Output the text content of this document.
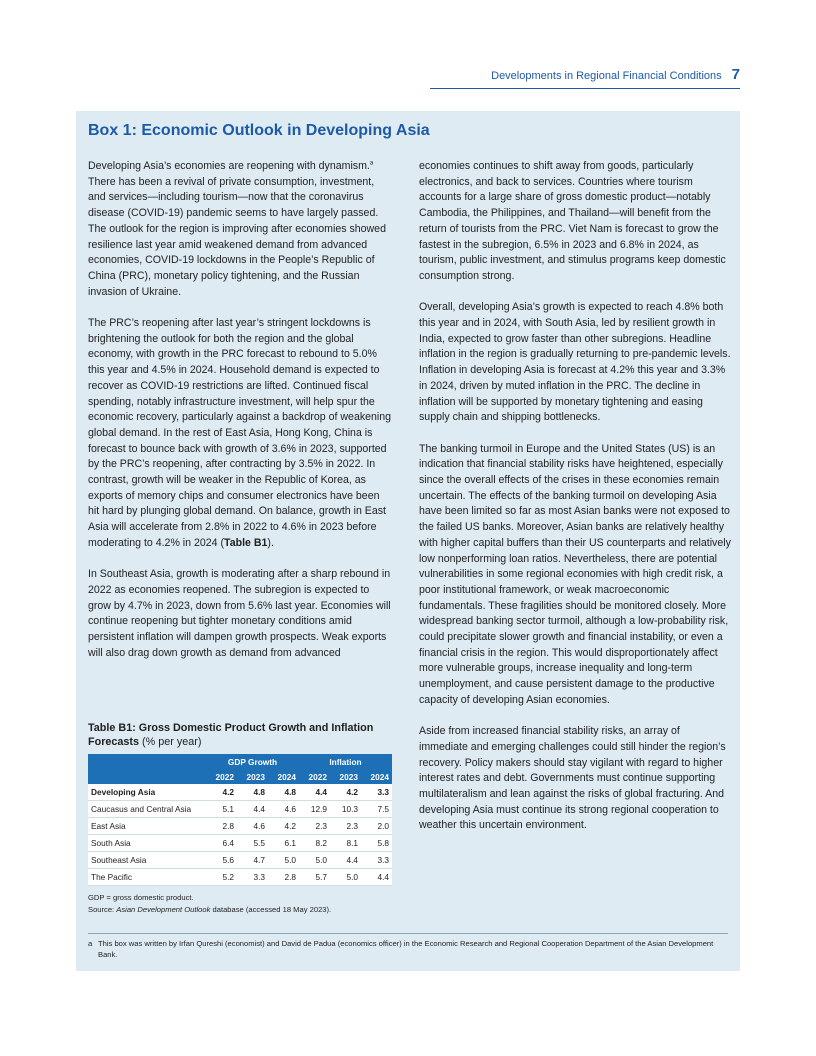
Developments in Regional Financial Conditions 7
Box 1: Economic Outlook in Developing Asia

Developing Asia’s economies are reopening with dynamism.$^a$ There has been a revival of private consumption, investment, and services—including tourism—now that the coronavirus disease (COVID-19) pandemic seems to have largely passed. The outlook for the region is improving after economies showed resilience last year amid weakened demand from advanced economies, COVID-19 lockdowns in the People’s Republic of China (PRC), monetary policy tightening, and the Russian invasion of Ukraine.

The PRC’s reopening after last year’s stringent lockdowns is brightening the outlook for both the region and the global economy, with growth in the PRC forecast to rebound to 5.0% this year and 4.5% in 2024. Household demand is expected to recover as COVID-19 restrictions are lifted. Continued fiscal spending, notably infrastructure investment, will help spur the economic recovery, particularly against a backdrop of weakening global demand. In the rest of East Asia, Hong Kong, China is forecast to bounce back with growth of 3.6% in 2023, supported by the PRC’s reopening, after contracting by 3.5% in 2022. In contrast, growth will be weaker in the Republic of Korea, as exports of memory chips and consumer electronics have been hit hard by plunging global demand. On balance, growth in East Asia will accelerate from 2.8% in 2022 to 4.6% in 2023 before moderating to 4.2% in 2024 (Table B1).

In Southeast Asia, growth is moderating after a sharp rebound in 2022 as economies reopened. The subregion is expected to grow by 4.7% in 2023, down from 5.6% last year. Economies will continue reopening but tighter monetary conditions amid persistent inflation will dampen growth prospects. Weak exports will also drag down growth as demand from advanced

Table B1: Gross Domestic Product Growth and Inflation Forecasts (% per year)
	GDP Growth			Inflation		
	2022	2023	2024	2022	2023	2024
Developing Asia	4.2	4.8	4.8	4.4	4.2	3.3
Caucasus and Central Asia	5.1	4.4	4.6	12.9	10.3	7.5
East Asia	2.8	4.6	4.2	2.3	2.3	2.0
South Asia	6.4	5.5	6.1	8.2	8.1	5.8
Southeast Asia	5.6	4.7	5.0	5.0	4.4	3.3
The Pacific	5.2	3.3	2.8	5.7	5.0	4.4
GDP = gross domestic product.
Source: Asian Development Outlook database (accessed 18 May 2023).

economies continues to shift away from goods, particularly electronics, and back to services. Countries where tourism accounts for a large share of gross domestic product—notably Cambodia, the Philippines, and Thailand—will benefit from the return of tourists from the PRC. Viet Nam is forecast to grow the fastest in the subregion, 6.5% in 2023 and 6.8% in 2024, as tourism, public investment, and stimulus programs keep domestic consumption strong.

Overall, developing Asia’s growth is expected to reach 4.8% both this year and in 2024, with South Asia, led by resilient growth in India, expected to grow faster than other subregions. Headline inflation in the region is gradually returning to pre-pandemic levels. Inflation in developing Asia is forecast at 4.2% this year and 3.3% in 2024, driven by muted inflation in the PRC. The decline in inflation will be supported by monetary tightening and easing supply chain and shipping bottlenecks.

The banking turmoil in Europe and the United States (US) is an indication that financial stability risks have heightened, especially since the overall effects of the crises in these economies remain uncertain. The effects of the banking turmoil on developing Asia have been limited so far as most Asian banks were not exposed to the failed US banks. Moreover, Asian banks are relatively healthy with higher capital buffers than their US counterparts and relatively low nonperforming loan ratios. Nevertheless, there are potential vulnerabilities in some regional economies with high credit risk, a poor institutional framework, or weak macroeconomic fundamentals. These fragilities should be monitored closely. More widespread banking sector turmoil, although a low-probability risk, could precipitate slower growth and financial instability, or even a financial crisis in the region. This would disproportionately affect more vulnerable groups, increase inequality and long-term unemployment, and cause persistent damage to the productive capacity of developing Asian economies.

Aside from increased financial stability risks, an array of immediate and emerging challenges could still hinder the region’s recovery. Policy makers should stay vigilant with regard to higher interest rates and debt. Governments must continue supporting multilateralism and lean against the risks of global fracturing. And developing Asia must continue its strong regional cooperation to weather this uncertain environment.

a This box was written by Irfan Qureshi (economist) and David de Padua (economics officer) in the Economic Research and Regional Cooperation Department of the Asian Development Bank.
